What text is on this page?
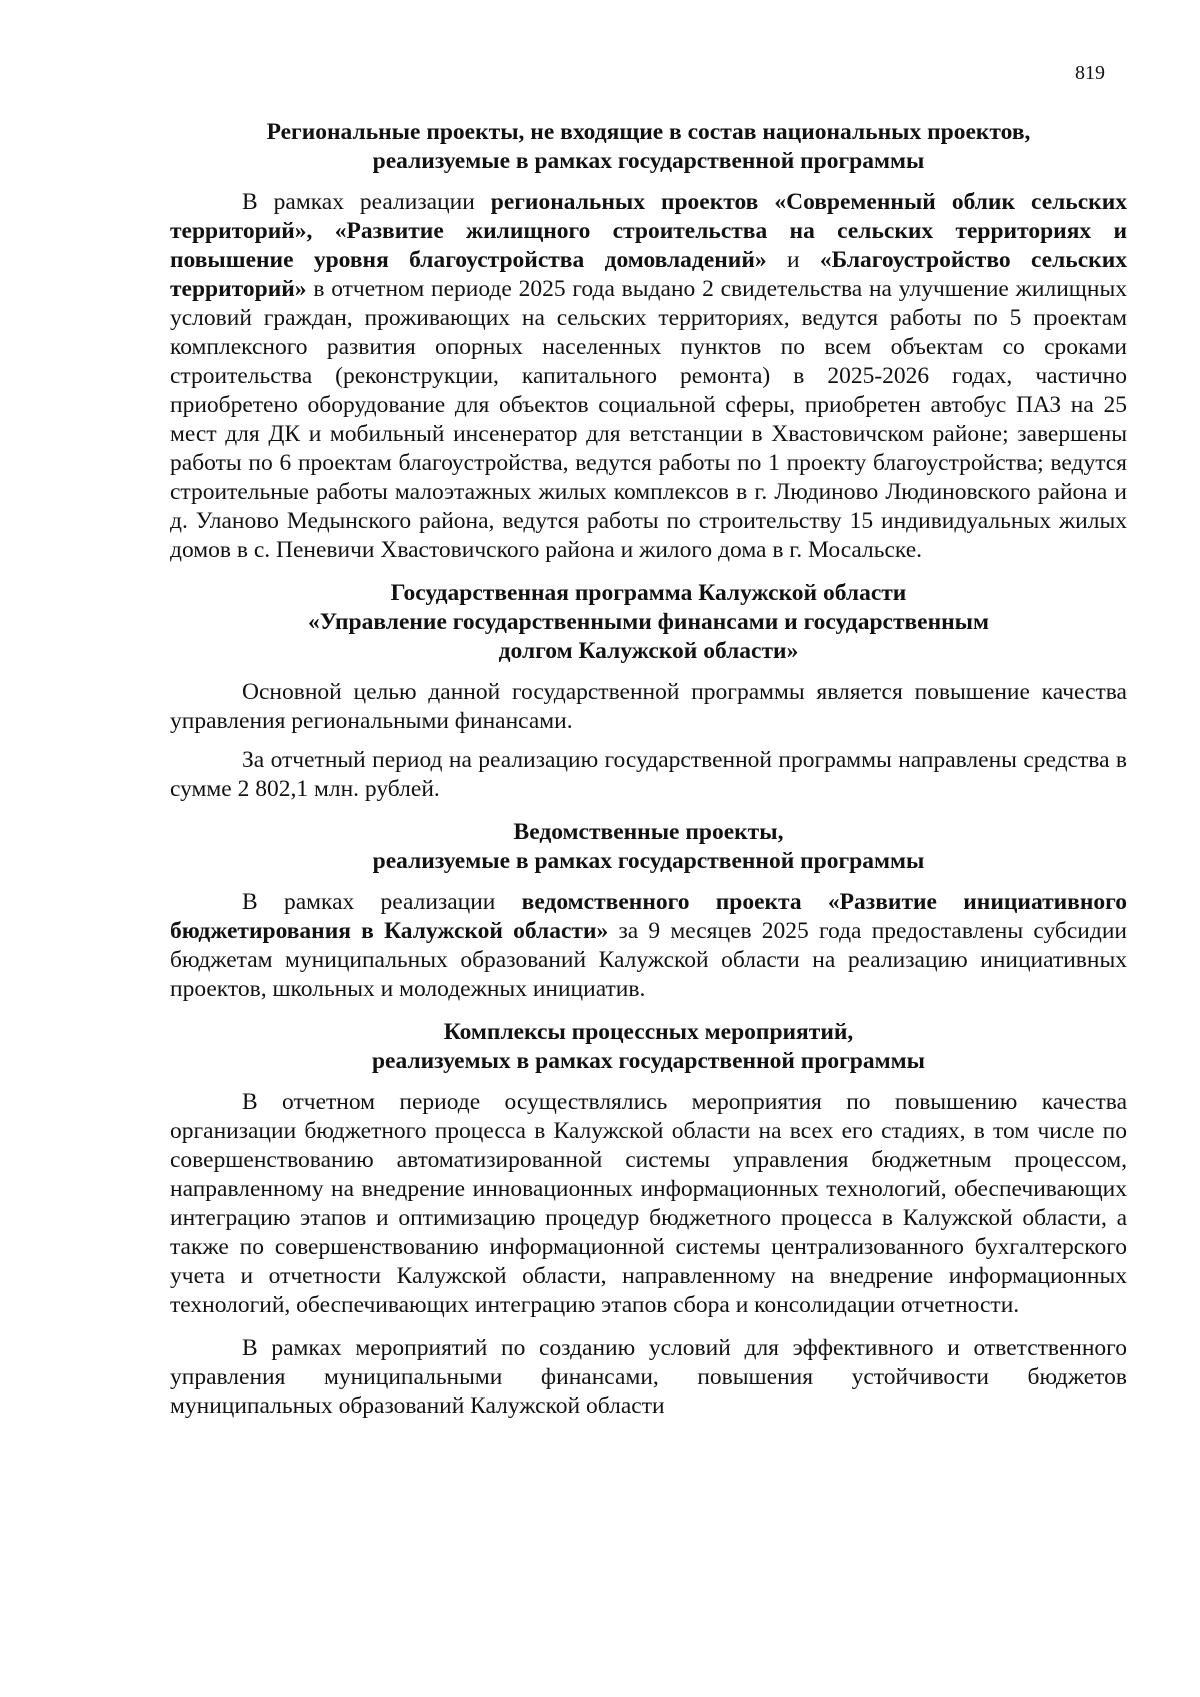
819
Региональные проекты, не входящие в состав национальных проектов,
реализуемые в рамках государственной программы

В рамках реализации региональных проектов «Современный облик сельских территорий», «Развитие жилищного строительства на сельских территориях и повышение уровня благоустройства домовладений» и «Благоустройство сельских территорий» в отчетном периоде 2025 года выдано 2 свидетельства на улучшение жилищных условий граждан, проживающих на сельских территориях, ведутся работы по 5 проектам комплексного развития опорных населенных пунктов по всем объектам со сроками строительства (реконструкции, капитального ремонта) в 2025-2026 годах, частично приобретено оборудование для объектов социальной сферы, приобретен автобус ПАЗ на 25 мест для ДК и мобильный инсенератор для ветстанции в Хвастовичском районе; завершены работы по 6 проектам благоустройства, ведутся работы по 1 проекту благоустройства; ведутся строительные работы малоэтажных жилых комплексов в г. Людиново Людиновского района и д. Уланово Медынского района, ведутся работы по строительству 15 индивидуальных жилых домов в с. Пеневичи Хвастовичского района и жилого дома в г. Мосальске.

Государственная программа Калужской области
«Управление государственными финансами и государственным
долгом Калужской области»

Основной целью данной государственной программы является повышение качества управления региональными финансами.

За отчетный период на реализацию государственной программы направлены средства в сумме 2 802,1 млн. рублей.

Ведомственные проекты,
реализуемые в рамках государственной программы

В рамках реализации ведомственного проекта «Развитие инициативного бюджетирования в Калужской области» за 9 месяцев 2025 года предоставлены субсидии бюджетам муниципальных образований Калужской области на реализацию инициативных проектов, школьных и молодежных инициатив.

Комплексы процессных мероприятий,
реализуемых в рамках государственной программы

В отчетном периоде осуществлялись мероприятия по повышению качества организации бюджетного процесса в Калужской области на всех его стадиях, в том числе по совершенствованию автоматизированной системы управления бюджетным процессом, направленному на внедрение инновационных информационных технологий, обеспечивающих интеграцию этапов и оптимизацию процедур бюджетного процесса в Калужской области, а также по совершенствованию информационной системы централизованного бухгалтерского учета и отчетности Калужской области, направленному на внедрение информационных технологий, обеспечивающих интеграцию этапов сбора и консолидации отчетности.

В рамках мероприятий по созданию условий для эффективного и ответственного управления муниципальными финансами, повышения устойчивости бюджетов муниципальных образований Калужской области
